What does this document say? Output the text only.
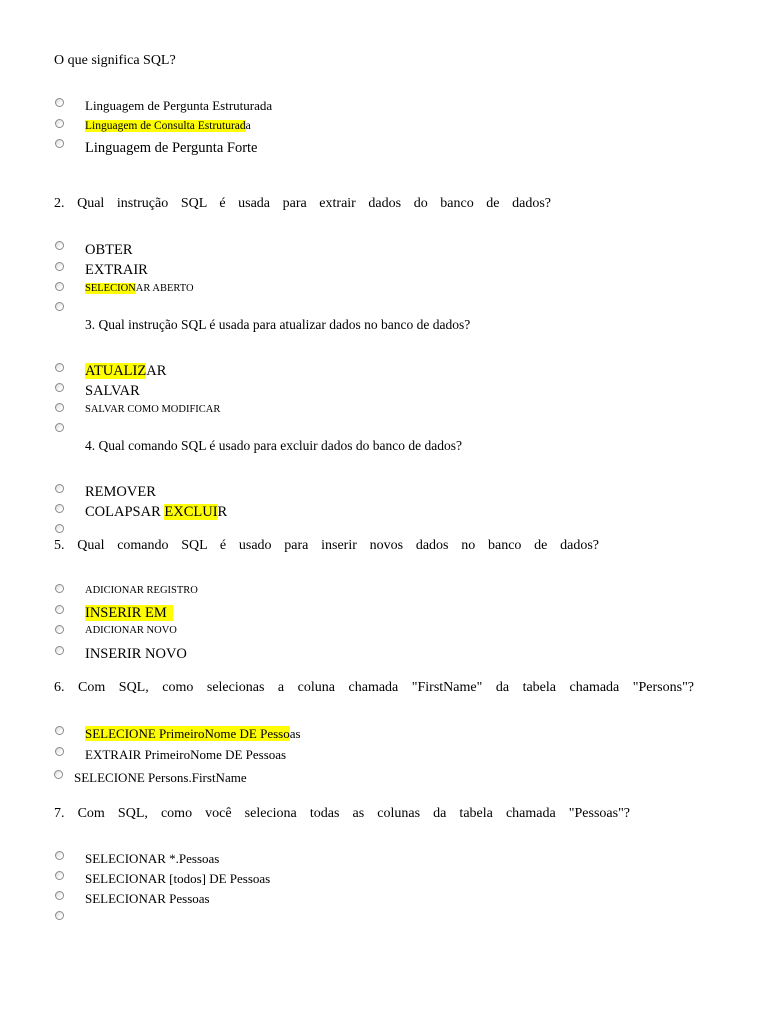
O que significa SQL?
Linguagem de Pergunta Estruturada
Linguagem de Consulta Estruturada
Linguagem de Pergunta Forte
2. Qual instrução SQL é usada para extrair dados do banco de dados?
OBTER
EXTRAIR
SELECIONAR ABERTO
3. Qual instrução SQL é usada para atualizar dados no banco de dados?
ATUALIZAR
SALVAR
SALVAR COMO MODIFICAR
4. Qual comando SQL é usado para excluir dados do banco de dados?
REMOVER
COLAPSAR EXCLUIR
5. Qual comando SQL é usado para inserir novos dados no banco de dados?
ADICIONAR REGISTRO
INSERIR EM
ADICIONAR NOVO
INSERIR NOVO
6. Com SQL, como selecionas a coluna chamada "FirstName" da tabela chamada "Persons"?
SELECIONE PrimeiroNome DE Pessoas
EXTRAIR PrimeiroNome DE Pessoas
SELECIONE Persons.FirstName
7. Com SQL, como você seleciona todas as colunas da tabela chamada "Pessoas"?
SELECIONAR *.Pessoas
SELECIONAR [todos] DE Pessoas
SELECIONAR Pessoas
